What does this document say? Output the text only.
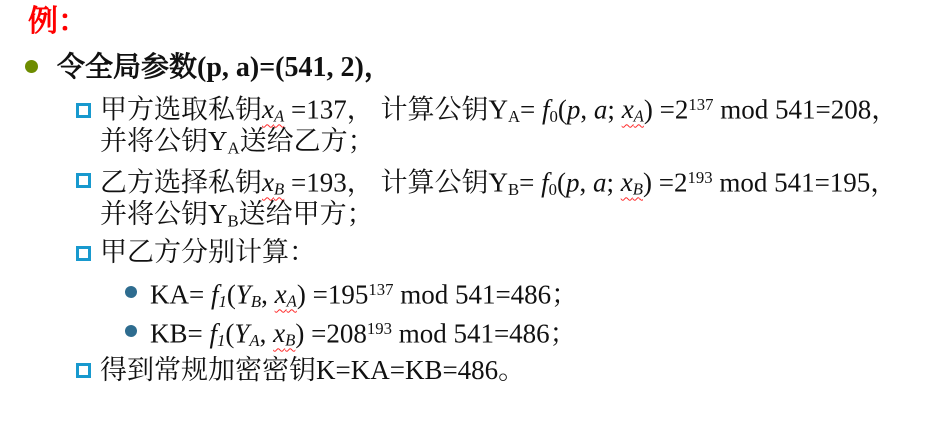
例：
令全局参数(p, a)=(541, 2)，
甲方选取私钥xA =137， 计算公钥YA= f0(p, a; $xA) =2^{137}$ mod 541=208，
并将公钥YA送给乙方；
乙方选择私钥xB =193， 计算公钥YB= f0(p, a; $xB) =2^{193}$ mod 541=195，
并将公钥YB送给甲方；
甲乙方分别计算：
KA= f1(YB, $xA) =195^{137}$ mod 541=486；
KB= f1(YA, $xB) =208^{193}$ mod 541=486；
得到常规加密密钥K=KA=KB=486。
